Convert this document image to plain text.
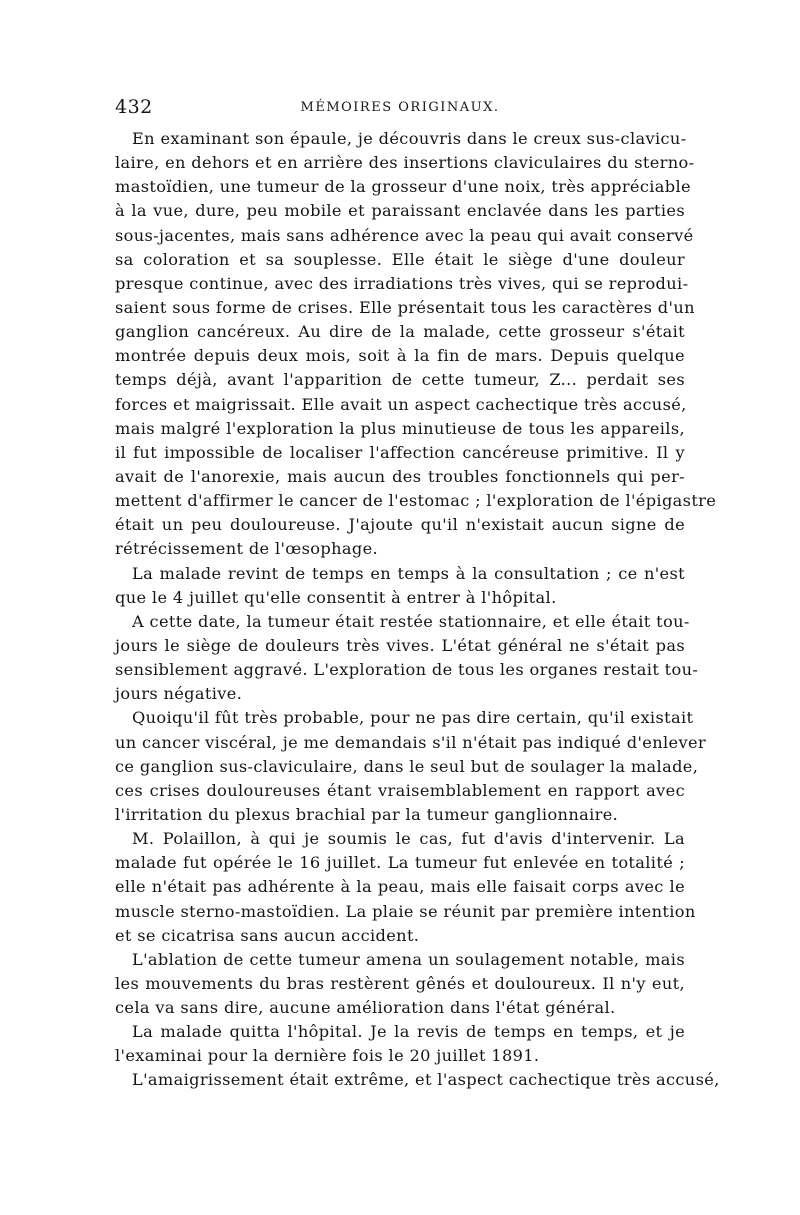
432	MÉMOIRES ORIGINAUX.
En examinant son épaule, je découvris dans le creux sus-clavicu-
laire, en dehors et en arrière des insertions claviculaires du sterno-
mastoïdien, une tumeur de la grosseur d'une noix, très appréciable
à la vue, dure, peu mobile et paraissant enclavée dans les parties
sous-jacentes, mais sans adhérence avec la peau qui avait conservé
sa coloration et sa souplesse. Elle était le siège d'une douleur
presque continue, avec des irradiations très vives, qui se reprodui-
saient sous forme de crises. Elle présentait tous les caractères d'un
ganglion cancéreux. Au dire de la malade, cette grosseur s'était
montrée depuis deux mois, soit à la fin de mars. Depuis quelque
temps déjà, avant l'apparition de cette tumeur, Z... perdait ses
forces et maigrissait. Elle avait un aspect cachectique très accusé,
mais malgré l'exploration la plus minutieuse de tous les appareils,
il fut impossible de localiser l'affection cancéreuse primitive. Il y
avait de l'anorexie, mais aucun des troubles fonctionnels qui per-
mettent d'affirmer le cancer de l'estomac ; l'exploration de l'épigastre
était un peu douloureuse. J'ajoute qu'il n'existait aucun signe de
rétrécissement de l'œsophage.
La malade revint de temps en temps à la consultation ; ce n'est
que le 4 juillet qu'elle consentit à entrer à l'hôpital.
A cette date, la tumeur était restée stationnaire, et elle était tou-
jours le siège de douleurs très vives. L'état général ne s'était pas
sensiblement aggravé. L'exploration de tous les organes restait tou-
jours négative.
Quoiqu'il fût très probable, pour ne pas dire certain, qu'il existait
un cancer viscéral, je me demandais s'il n'était pas indiqué d'enlever
ce ganglion sus-claviculaire, dans le seul but de soulager la malade,
ces crises douloureuses étant vraisemblablement en rapport avec
l'irritation du plexus brachial par la tumeur ganglionnaire.
M. Polaillon, à qui je soumis le cas, fut d'avis d'intervenir. La
malade fut opérée le 16 juillet. La tumeur fut enlevée en totalité ;
elle n'était pas adhérente à la peau, mais elle faisait corps avec le
muscle sterno-mastoïdien. La plaie se réunit par première intention
et se cicatrisa sans aucun accident.
L'ablation de cette tumeur amena un soulagement notable, mais
les mouvements du bras restèrent gênés et douloureux. Il n'y eut,
cela va sans dire, aucune amélioration dans l'état général.
La malade quitta l'hôpital. Je la revis de temps en temps, et je
l'examinai pour la dernière fois le 20 juillet 1891.
L'amaigrissement était extrême, et l'aspect cachectique très accusé,
